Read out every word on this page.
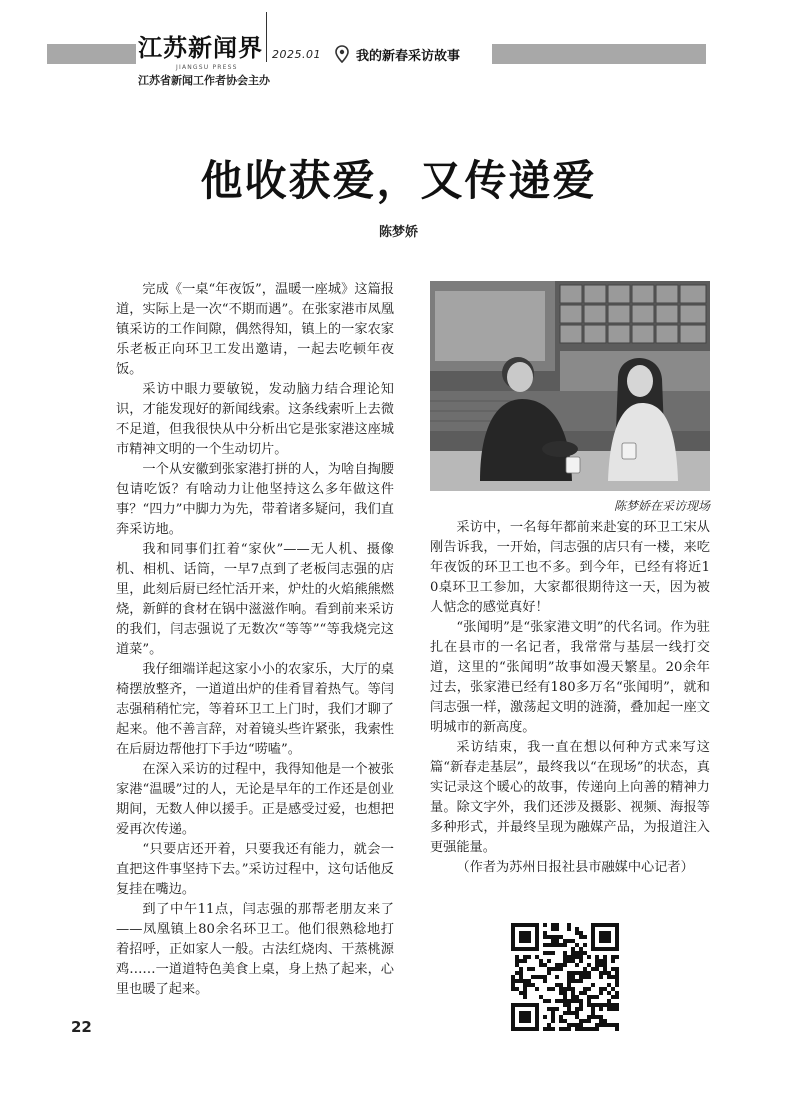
江苏新闻界
JIANGSU PRESS
江苏省新闻工作者协会主办
2025.01	我的新春采访故事
他收获爱，又传递爱
陈梦娇

完成《一桌“年夜饭”，温暖一座城》这篇报道，实际上是一次“不期而遇”。在张家港市凤凰镇采访的工作间隙，偶然得知，镇上的一家农家乐老板正向环卫工发出邀请，一起去吃顿年夜饭。

采访中眼力要敏锐，发动脑力结合理论知识，才能发现好的新闻线索。这条线索听上去微不足道，但我很快从中分析出它是张家港这座城市精神文明的一个生动切片。

一个从安徽到张家港打拼的人，为啥自掏腰包请吃饭？有啥动力让他坚持这么多年做这件事？“四力”中脚力为先，带着诸多疑问，我们直奔采访地。

我和同事们扛着“家伙”——无人机、摄像机、相机、话筒，一早7点到了老板闫志强的店里，此刻后厨已经忙活开来，炉灶的火焰熊熊燃烧，新鲜的食材在锅中滋滋作响。看到前来采访的我们，闫志强说了无数次“等等”“等我烧完这道菜”。

我仔细端详起这家小小的农家乐，大厅的桌椅摆放整齐，一道道出炉的佳肴冒着热气。等闫志强稍稍忙完，等着环卫工上门时，我们才聊了起来。他不善言辞，对着镜头些许紧张，我索性在后厨边帮他打下手边“唠嗑”。

在深入采访的过程中，我得知他是一个被张家港“温暖”过的人，无论是早年的工作还是创业期间，无数人伸以援手。正是感受过爱，也想把爱再次传递。

“只要店还开着，只要我还有能力，就会一直把这件事坚持下去。”采访过程中，这句话他反复挂在嘴边。

到了中午11点，闫志强的那帮老朋友来了——凤凰镇上80余名环卫工。他们很熟稔地打着招呼，正如家人一般。古法红烧肉、干蒸桃源鸡……一道道特色美食上桌，身上热了起来，心里也暖了起来。

陈梦娇在采访现场

采访中，一名每年都前来赴宴的环卫工宋从刚告诉我，一开始，闫志强的店只有一楼，来吃年夜饭的环卫工也不多。到今年，已经有将近10桌环卫工参加，大家都很期待这一天，因为被人惦念的感觉真好！

“张闻明”是“张家港文明”的代名词。作为驻扎在县市的一名记者，我常常与基层一线打交道，这里的“张闻明”故事如漫天繁星。20余年过去，张家港已经有180多万名“张闻明”，就和闫志强一样，激荡起文明的涟漪，叠加起一座文明城市的新高度。

采访结束，我一直在想以何种方式来写这篇“新春走基层”，最终我以“在现场”的状态，真实记录这个暖心的故事，传递向上向善的精神力量。除文字外，我们还涉及摄影、视频、海报等多种形式，并最终呈现为融媒产品，为报道注入更强能量。

（作者为苏州日报社县市融媒中心记者）

22
